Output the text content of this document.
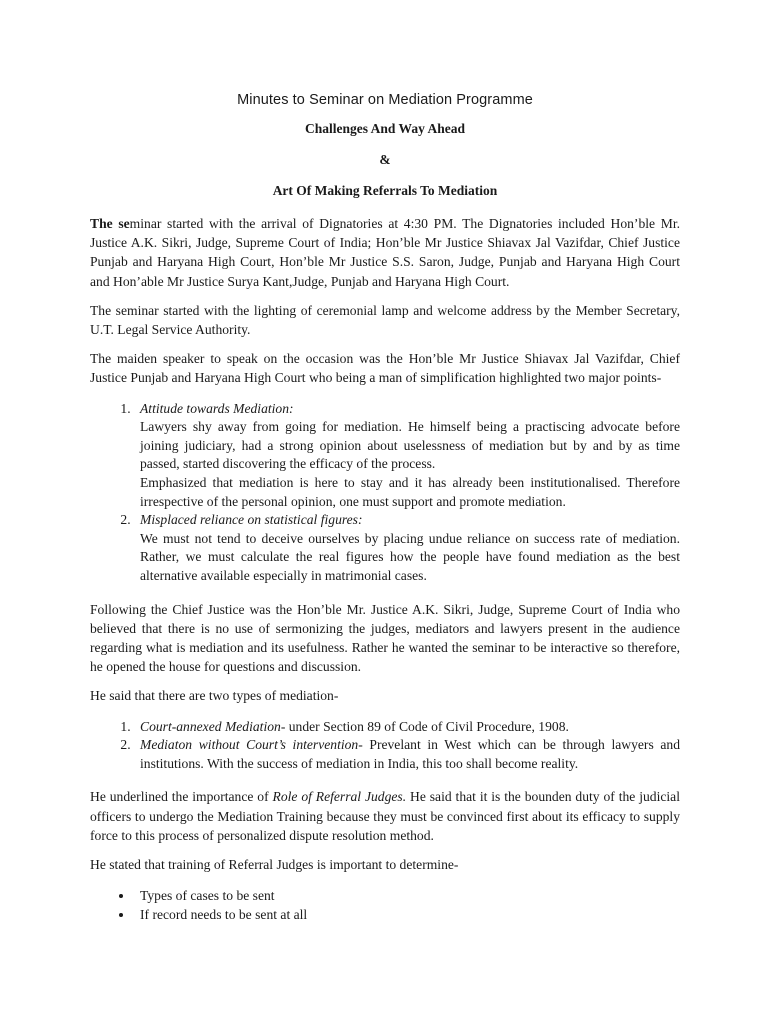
Minutes to Seminar on Mediation Programme
Challenges And Way Ahead
&
Art Of Making Referrals To Mediation

The seminar started with the arrival of Dignatories at 4:30 PM. The Dignatories included Hon’ble Mr. Justice A.K. Sikri, Judge, Supreme Court of India; Hon’ble Mr Justice Shiavax Jal Vazifdar, Chief Justice Punjab and Haryana High Court, Hon’ble Mr Justice S.S. Saron, Judge, Punjab and Haryana High Court and Hon’able Mr Justice Surya Kant,Judge, Punjab and Haryana High Court.

The seminar started with the lighting of ceremonial lamp and welcome address by the Member Secretary, U.T. Legal Service Authority.

The maiden speaker to speak on the occasion was the Hon’ble Mr Justice Shiavax Jal Vazifdar, Chief Justice Punjab and Haryana High Court who being a man of simplification highlighted two major points-

1. Attitude towards Mediation:
Lawyers shy away from going for mediation. He himself being a practiscing advocate before joining judiciary, had a strong opinion about uselessness of mediation but by and by as time passed, started discovering the efficacy of the process.
Emphasized that mediation is here to stay and it has already been institutionalised. Therefore irrespective of the personal opinion, one must support and promote mediation.
2. Misplaced reliance on statistical figures:
We must not tend to deceive ourselves by placing undue reliance on success rate of mediation. Rather, we must calculate the real figures how the people have found mediation as the best alternative available especially in matrimonial cases.

Following the Chief Justice was the Hon’ble Mr. Justice A.K. Sikri, Judge, Supreme Court of India who believed that there is no use of sermonizing the judges, mediators and lawyers present in the audience regarding what is mediation and its usefulness. Rather he wanted the seminar to be interactive so therefore, he opened the house for questions and discussion.

He said that there are two types of mediation-

1. Court-annexed Mediation- under Section 89 of Code of Civil Procedure, 1908.
2. Mediaton without Court’s intervention- Prevelant in West which can be through lawyers and institutions. With the success of mediation in India, this too shall become reality.

He underlined the importance of Role of Referral Judges. He said that it is the bounden duty of the judicial officers to undergo the Mediation Training because they must be convinced first about its efficacy to supply force to this process of personalized dispute resolution method.

He stated that training of Referral Judges is important to determine-

• Types of cases to be sent
• If record needs to be sent at all
